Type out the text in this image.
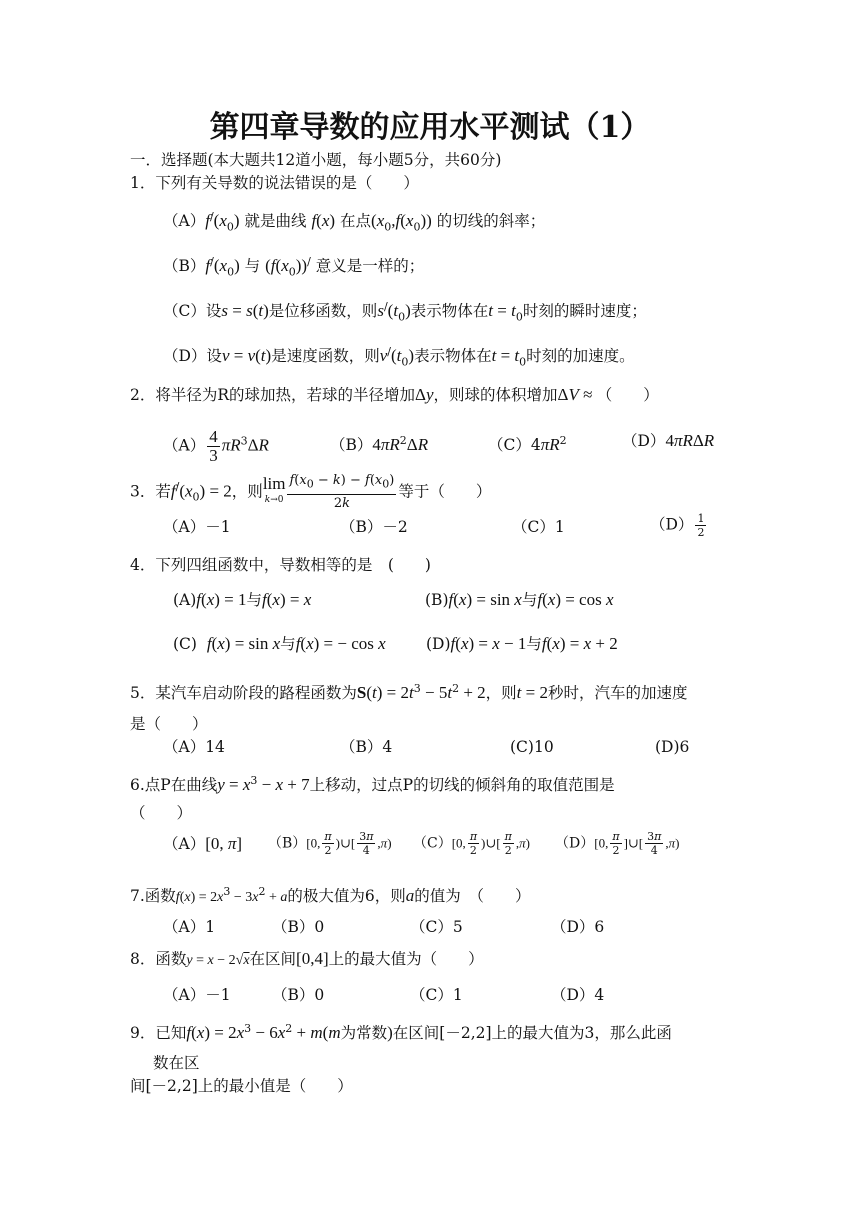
第四章导数的应用水平测试（1）
一．选择题(本大题共12道小题，每小题5分，共60分)
1．下列有关导数的说法错误的是（　　）
$(A)f^/(x_0)$ 就是曲线 f(x) 在点$(x_0,f(x_0))$ 的切线的斜率；
$(B)f^/(x_0)$ 与 $(f(x_0))^/$ 意义是一样的；
（C）设s = s(t)是位移函数，则$s^/(t_0)$表示物体在$t = t_0$时刻的瞬时速度；
（D）设v = v(t)是速度函数，则$v^/(t_0)$表示物体在$t = t_0$时刻的加速度。
2．将半径为R的球加热，若球的半径增加Δy，则球的体积增加ΔV ≈ （　　）
$(A) \frac{4}{3} \pi R^3\Delta R$	$(B)4\pi R^2\Delta R$	$(C)4\pi R^2$	（D）4πRΔR
3．若$f^/(x_0) = 2$，则lim
$k\to 0 \frac{f(x_0 - k) - f(x_0)}{2k}$ 等于（　　）
（A）－1	（B）－2	（C）1	$(D) \frac{1}{2}$
4．下列四组函数中，导数相等的是　(　　)
(A)f(x) = 1与f(x) = x	(B)f(x) = sin x与f(x) = cos x
(C) f(x) = sin x与f(x) = − cos x	(D)f(x) = x − 1与f(x) = x + 2
5．某汽车启动阶段的路程函数为$S(t) = 2t^3 - 5t^2 + 2$，则t = 2秒时，汽车的加速度
是（　　）
（A）14	（B）4	(C)10	(D)6
6.点P在曲线$y = x^3 - x + 7$上移动，过点P的切线的倾斜角的取值范围是
（　　）
（A）[0, π] （B）[0, $\frac{\pi}{2}$ )∪[ $\frac{3\pi}{4} ,\pi$) （C）[0, $\frac{\pi}{2}$ )∪[ $\frac{\pi}{2} ,\pi$) （D）[0, $\frac{\pi}{2}$ ]∪[ $\frac{3\pi}{4} ,\pi$)
7.函数$f(x) = 2x^3 - 3x^2 + a$的极大值为6，则a的值为　（　　）
（A）1	（B）0	（C）5	（D）6
8．函数y = x − 2√x在区间[0,4]上的最大值为（　　）
（A）－1	（B）0	（C）1	（D）4
9．已知$f(x) = 2x^3 - 6x^2 + m(m$为常数)在区间[－2,2]上的最大值为3，那么此函
数在区
间[－2,2]上的最小值是（　　）
